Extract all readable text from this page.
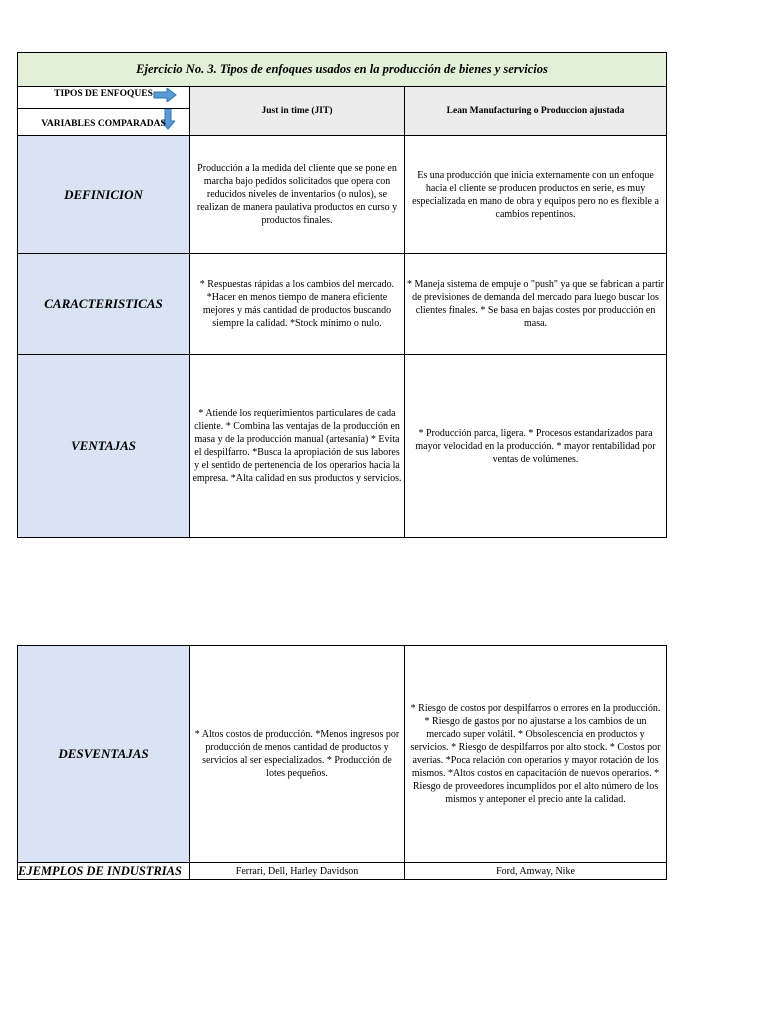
Ejercicio No. 3. Tipos de enfoques usados en la producción de bienes y servicios		

TIPOS DE ENFOQUES
VARIABLES COMPARADAS	Just in time (JIT)	Lean Manufacturing o Produccion ajustada
DEFINICION	Producción a la medida del cliente que se pone en marcha bajo pedidos solicitados que opera con reducidos niveles de inventarios (o nulos), se realizan de manera paulativa productos en curso y productos finales.	Es una producción que inicia externamente con un enfoque hacia el cliente se producen productos en serie, es muy especializada en mano de obra y equipos pero no es flexible a cambios repentinos.
CARACTERISTICAS	* Respuestas rápidas a los cambios del mercado. *Hacer en menos tiempo de manera eficiente mejores y más cantidad de productos buscando siempre la calidad. *Stock mínimo o nulo.	* Maneja sistema de empuje o "push" ya que se fabrican a partir de previsiones de demanda del mercado para luego buscar los clientes finales. * Se basa en bajas costes por producción en masa.
VENTAJAS	* Atiende los requerimientos particulares de cada cliente. * Combina las ventajas de la producción en masa y de la producción manual (artesanía) * Evita el despilfarro. *Busca la apropiación de sus labores y el sentido de pertenencia de los operarios hacia la empresa. *Alta calidad en sus productos y servicios.	* Producción parca, ligera. * Procesos estandarizados para mayor velocidad en la producción. * mayor rentabilidad por ventas de volúmenes.
DESVENTAJAS	* Altos costos de producción. *Menos ingresos por producción de menos cantidad de productos y servicios al ser especializados. * Producción de lotes pequeños.	* Riesgo de costos por despilfarros o errores en la producción. * Riesgo de gastos por no ajustarse a los cambios de un mercado super volátil. * Obsolescencia en productos y servicios. * Riesgo de despilfarros por alto stock. * Costos por averias. *Poca relación con operarios y mayor rotación de los mismos. *Altos costos en capacitación de nuevos operarios. * Riesgo de proveedores incumplidos por el alto número de los mismos y anteponer el precio ante la calidad.
EJEMPLOS DE INDUSTRIAS	Ferrari, Dell, Harley Davidson	Ford, Amway, Nike
